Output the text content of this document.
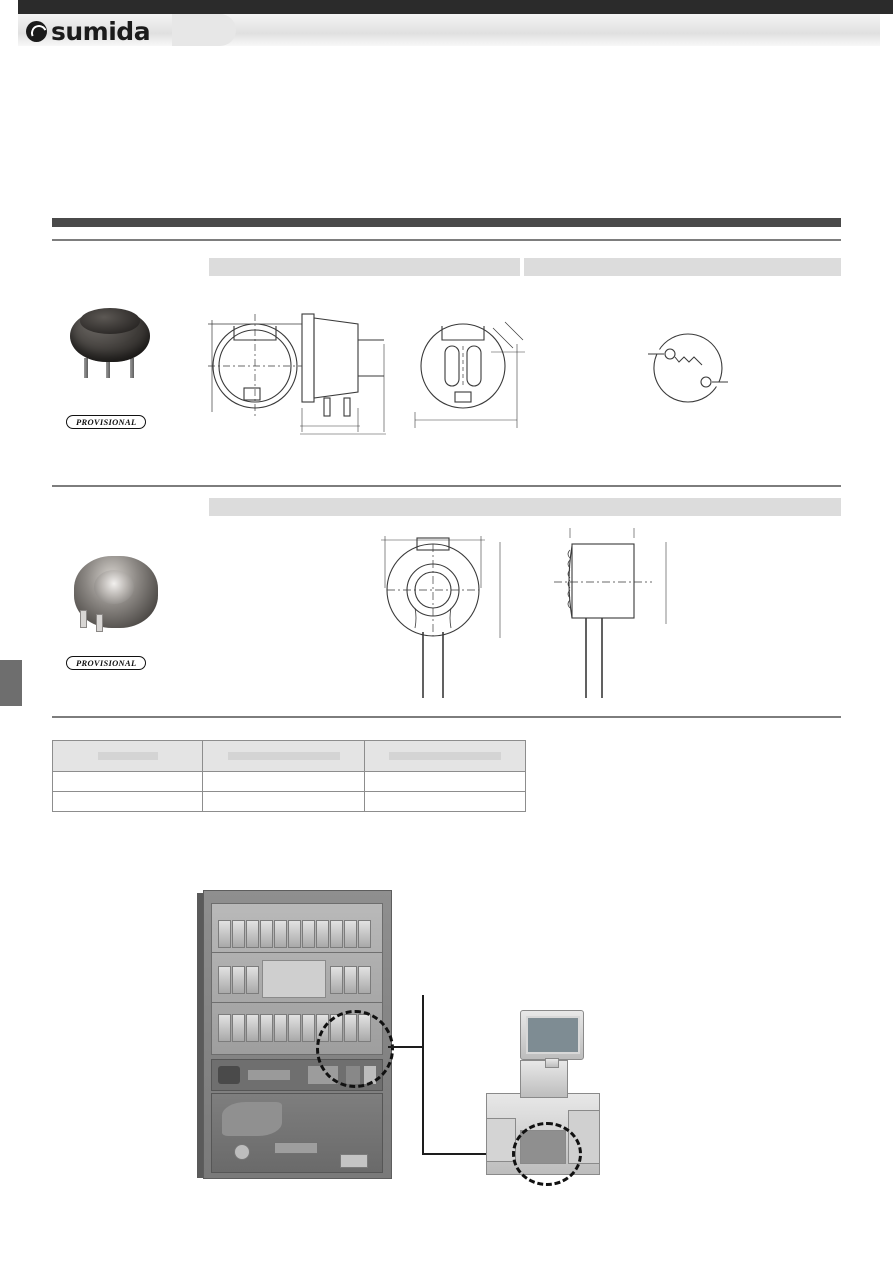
sumida
PROVISIONAL
PROVISIONAL
